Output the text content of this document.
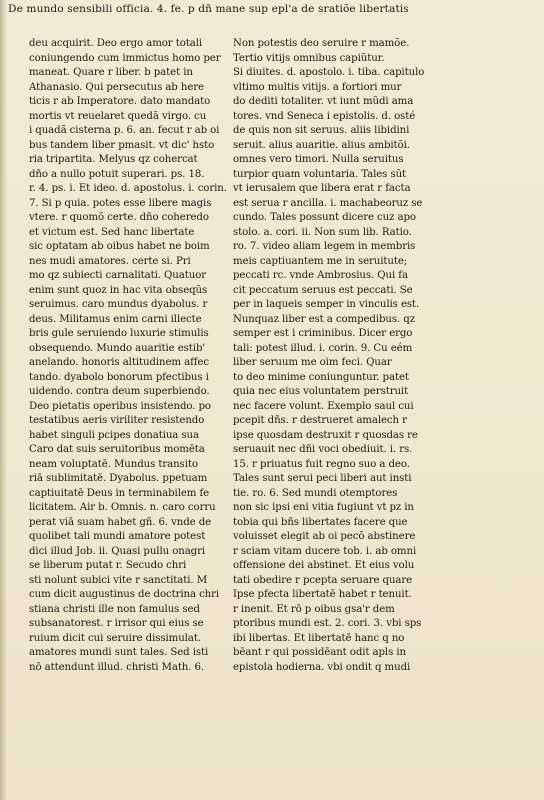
De mundo sensibili officia. 4. fe. p dñ mane sup epl'a de sratiõe libertatis
deu acquirit. Deo ergo amor totali
coniungendo cum immictus homo per
maneat. Quare r liber. b patet in
Athanasio. Qui persecutus ab here
ticis r ab Imperatore. dato mandato
mortis vt reuelaret quedã virgo. cu
i quadã cisterna p. 6. an. fecut r ab oi
bus tandem liber pmasit. vt dic' hsto
ria tripartita. Melyus qz cohercat
dño a nullo potuit superari. ps. 18.
r. 4. ps. i. Et ideo. d. apostolus. i. corin.
7. Si p quia. potes esse libere magis
vtere. r quomõ certe. dño coheredo
et victum est. Sed hanc libertate
sic optatam ab oibus habet ne boim
nes mudi amatores. certe si. Pri
mo qz subiecti carnalitati. Quatuor
enim sunt quoz in hac vita obseqũs
seruimus. caro mundus dyabolus. r
deus. Militamus enim carni illecte
bris gule seruiendo luxurie stimulis
obsequendo. Mundo auaritie estib'
anelando. honoris altitudinem affec
tando. dyabolo bonorum pfectibus i
uidendo. contra deum superbiendo.
Deo pietatis operibus insistendo. po
testatibus aeris viriliter resistendo
habet singuli pcipes donatiua sua
Caro dat suis seruitoribus momēta
neam voluptatē. Mundus transito
riā sublimitatē. Dyabolus. ppetuam
captiuitatē Deus in terminabilem fe
licitatem. Air b. Omnis. n. caro corru
perat viā suam habet gñ. 6. vnde de
quolibet tali mundi amatore potest
dici illud Job. ii. Quasi pullu onagri
se liberum putat r. Secudo chri
sti nolunt subici vite r sanctitati. M
cum dicit augustinus de doctrina chri
stiana christi ille non famulus sed
subsanatorest. r irrisor qui eius se
ruium dicit cui seruire dissimulat.
amatores mundi sunt tales. Sed isti
nō attendunt illud. christi Math. 6.
Non potestis deo seruire r mamõe.
Tertio vitijs omnibus capiũtur.
Si diuites. d. apostolo. i. tiba. capitulo
vltimo multis vitijs. a fortiori mur
do dediti totaliter. vt iunt mũdi ama
tores. vnd Seneca i epistolis. d. osté
de quis non sit seruus. aliis libidini
seruit. alius auaritie. alius ambitõi.
omnes vero timori. Nulla seruitus
turpior quam voluntaria. Tales sũt
vt ierusalem que libera erat r facta
est serua r ancilla. i. machabeoruz se
cundo. Tales possunt dicere cuz apo
stolo. a. cori. ii. Non sum lib. Ratio.
ro. 7. video aliam legem in membris
meis captiuantem me in seruitute;
peccati rc. vnde Ambrosius. Qui fa
cit peccatum seruus est peccati. Se
per in laqueis semper in vinculis est.
Nunquaz liber est a compedibus. qz
semper est i criminibus. Dicer ergo
tali: potest illud. i. corin. 9. Cu eém
liber seruum me oim feci. Quar
to deo minime coniunguntur. patet
quia nec eius voluntatem perstruit
nec facere volunt. Exemplo saul cui
pcepit dñs. r destrueret amalech r
ipse quosdam destruxit r quosdas re
seruauit nec dñi voci obediuit. i. rs.
15. r priuatus fuit regno suo a deo.
Tales sunt serui peci liberi aut insti
tie. ro. 6. Sed mundi otemptores
non sic ipsi eni vitia fugiunt vt pz in
tobia qui bñs libertates facere que
voluisset elegit ab oi pecõ abstinere
r sciam vitam ducere tob. i. ab omni
offensione dei abstinet. Et eius volu
tati obedire r pcepta seruare quare
Ipse pfecta libertatē habet r tenuit.
r inenit. Et rō p oibus gsa'r dem
ptoribus mundi est. 2. cori. 3. vbi sps
ibi libertas. Et libertatē hanc q no
bēant r qui possidēant odit apls in
epistola hodierna. vbi ondit q mudi
